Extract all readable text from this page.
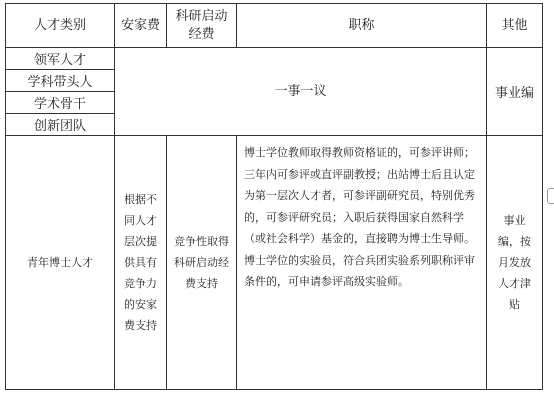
人才类别	安家费	科研启动经费	职称	其他
领军人才	一事一议			事业编
学科带头人				
学术骨干				
创新团队				
青年博士人才	根据不同人才层次提供具有竞争力的安家费支持	竞争性取得科研启动经费支持	博士学位教师取得教师资格证的，可参评讲师；三年内可参评或直评副教授；出站博士后且认定为第一层次人才者，可参评副研究员，特别优秀的，可参评研究员；入职后获得国家自然科学（或社会科学）基金的，直接聘为博士生导师。博士学位的实验员，符合兵团实验系列职称评审条件的，可申请参评高级实验师。	事业编，按月发放人才津贴
